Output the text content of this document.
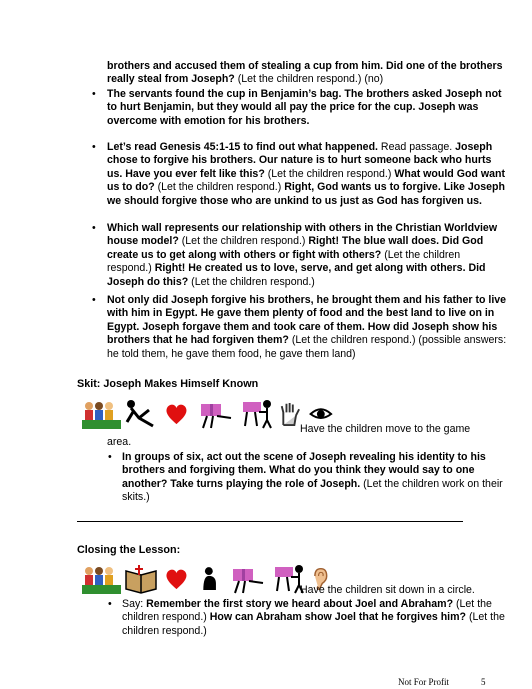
brothers and accused them of stealing a cup from him. Did one of the brothers really steal from Joseph? (Let the children respond.) (no)
• The servants found the cup in Benjamin’s bag. The brothers asked Joseph not to hurt Benjamin, but they would all pay the price for the cup. Joseph was overcome with emotion for his brothers.
• Let’s read Genesis 45:1-15 to find out what happened. Read passage. Joseph chose to forgive his brothers. Our nature is to hurt someone back who hurts us. Have you ever felt like this? (Let the children respond.) What would God want us to do? (Let the children respond.) Right, God wants us to forgive. Like Joseph we should forgive those who are unkind to us just as God has forgiven us.
• Which wall represents our relationship with others in the Christian Worldview house model? (Let the children respond.) Right! The blue wall does. Did God create us to get along with others or fight with others? (Let the children respond.) Right! He created us to love, serve, and get along with others. Did Joseph do this? (Let the children respond.)
• Not only did Joseph forgive his brothers, he brought them and his father to live with him in Egypt. He gave them plenty of food and the best land to live on in Egypt. Joseph forgave them and took care of them. How did Joseph show his brothers that he had forgiven them? (Let the children respond.) (possible answers: he told them, he gave them food, he gave them land)
Skit: Joseph Makes Himself Known
Have the children move to the game
area.
• In groups of six, act out the scene of Joseph revealing his identity to his brothers and forgiving them. What do you think they would say to one another? Take turns playing the role of Joseph. (Let the children work on their skits.)
Closing the Lesson:
Have the children sit down in a circle.
• Say: Remember the first story we heard about Joel and Abraham? (Let the children respond.) How can Abraham show Joel that he forgives him? (Let the children respond.)
Not For Profit	5
